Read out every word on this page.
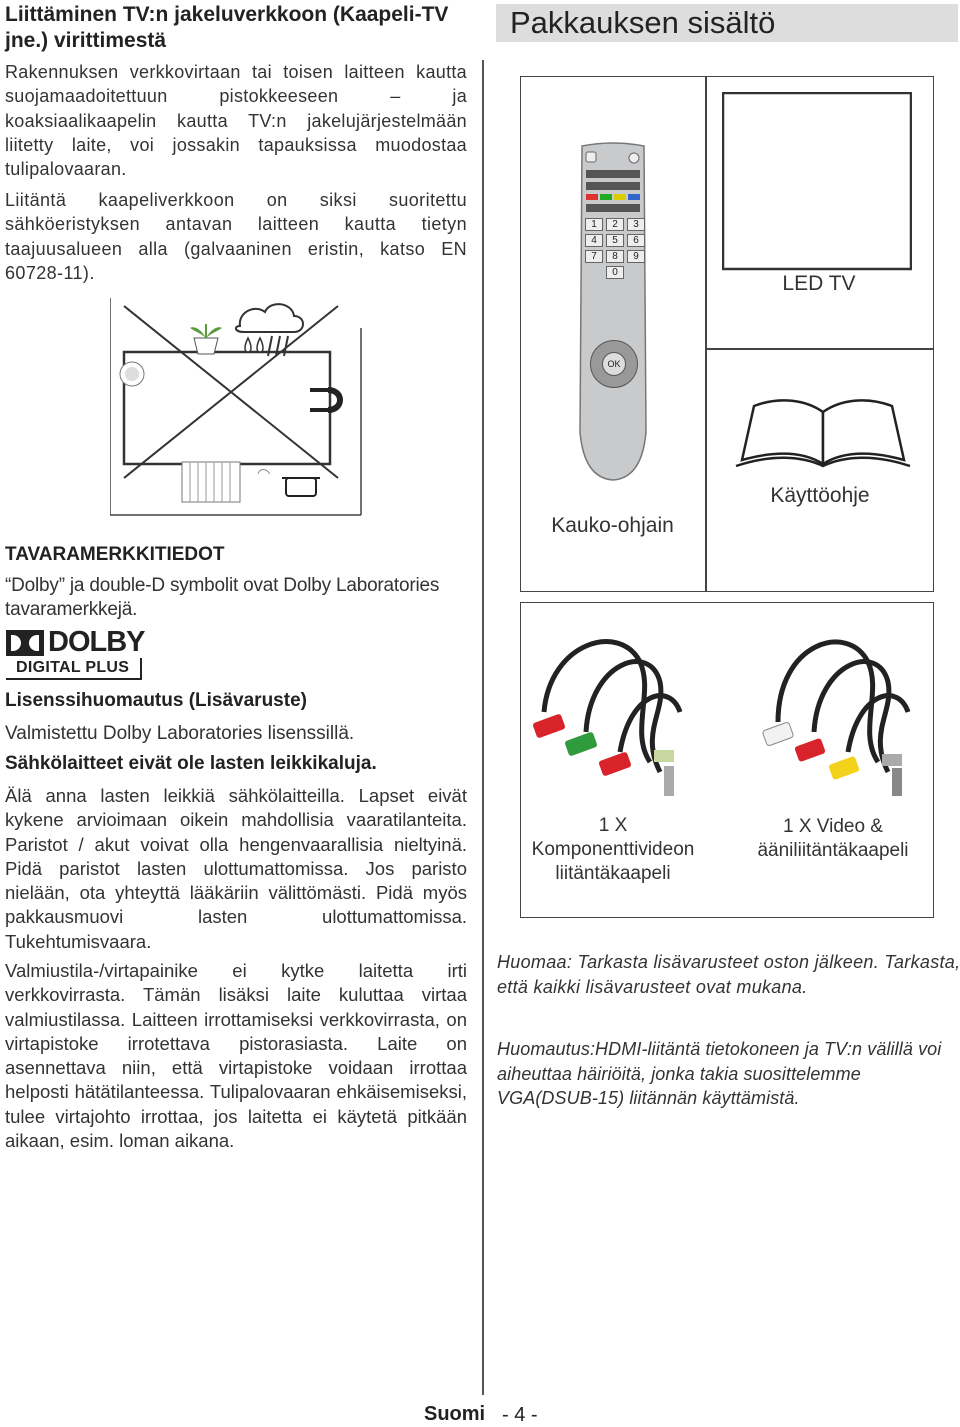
Liittäminen TV:n jakeluverkkoon (Kaapeli-TV jne.) virittimestä

Rakennuksen verkkovirtaan tai toisen laitteen kautta suojamaadoitettuun pistokkeeseen – ja koaksiaalikaapelin kautta TV:n jakelujärjestelmään liitetty laite, voi jossakin tapauksissa muodostaa tulipalovaaran.

Liitäntä kaapeliverkkoon on siksi suoritettu sähköeristyksen antavan laitteen kautta tietyn taajuusalueen alla (galvaaninen eristin, katso EN 60728-11).

TAVARAMERKKITIEDOT

“Dolby” ja double-D symbolit ovat Dolby Laboratories tavaramerkkejä.

DOLBY
DIGITAL PLUS
Lisenssihuomautus (Lisävaruste)
Valmistettu Dolby Laboratories lisenssillä.
Sähkölaitteet eivät ole lasten leikkikaluja.

Älä anna lasten leikkiä sähkölaitteilla. Lapset eivät kykene arvioimaan oikein mahdollisia vaaratilanteita. Paristot / akut voivat olla hengenvaarallisia nieltyinä. Pidä paristot lasten ulottumattomissa. Jos paristo nielään, ota yhteyttä lääkäriin välittömästi. Pidä myös pakkausmuovi lasten ulottumattomissa. Tukehtumisvaara.

Valmiustila-/virtapainike ei kytke laitetta irti verkkovirrasta. Tämän lisäksi laite kuluttaa virtaa valmiustilassa. Laitteen irrottamiseksi verkkovirrasta, on virtapistoke irrotettava pistorasiasta. Laite on asennettava niin, että virtapistoke voidaan irrottaa helposti hätätilanteessa. Tulipalovaaran ehkäisemiseksi, tulee virtajohto irrottaa, jos laitetta ei käytetä pitkään aikaan, esim. loman aikana.

Pakkauksen sisältö
1	2	3
4	5	6
7	8	9
0
OK
LED TV
Käyttöohje
Kauko-ohjain
1 X Komponenttivideon liitäntäkaapeli
1 X Video & ääniliitäntäkaapeli

Huomaa: Tarkasta lisävarusteet oston jälkeen. Tarkasta, että kaikki lisävarusteet ovat mukana.

Huomautus:HDMI-liitäntä tietokoneen ja TV:n välillä voi aiheuttaa häiriöitä, jonka takia suosittelemme VGA(DSUB-15) liitännän käyttämistä.

Suomi - 4 -
